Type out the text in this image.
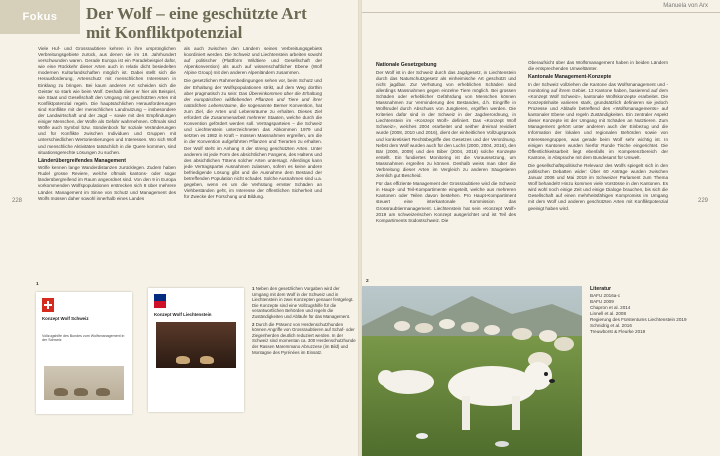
Fokus Der Wolf – eine geschützte Art
mit Konfliktpotenzial
228

Viele Huf- und Grossraubtiere kehren in ihre ursprünglichen Verbreitungsgebiete zurück, aus denen sie im 19. Jahrhundert verschwunden waren. Gerade Europa ist ein Paradebeispiel dafür, wie eine Rückkehr dieser Arten auch in relativ dicht besiedelten modernen Kulturlandschaften möglich ist. Dabei stellt sich die Herausforderung, Artenschutz mit menschlichen Interessen in Einklang zu bringen. Bei kaum anderen Art scheiden sich die Geister so stark wie beim Wolf. Deshalb dient er hier als Beispiel, wie Staat und Gesellschaft den Umgang mit geschützten Arten mit Konfliktpotenzial regeln. Die hauptsächlichen Herausforderungen sind Konflikte mit der menschlichen Landnutzung – insbesondere der Landwirtschaft und der Jagd – sowie mit den Empfindungen einiger Menschen, der Wolfe als Gefahr wahrnehmen. Oftmals sind Wölfe auch Symbol bzw. Sündenbock für soziale Veränderungen und für Konflikte zwischen Individuen und Gruppen mit unterschiedlichen Wertorientierungen und Interessen. Wo sich Wolf und menschliche Aktivitäten tatsächlich in die Quere kommen, sind situationsgerechte Lösungen zu suchen.

Länderübergreifendes Management

Wölfe kennen lange Wanderdistanzen zurücklegen. Zudem haben Rudel grosse Reviere, welche oftmals kantons- oder sogar länderübergreifend im Raum angeordnet sind. Von den 9 in Europa vorkommenden Wolfspopulationen erstrecken sich 8 über mehrere Länder. Management im Sinne von Schutz und Management des Wolfs müssen daher sowohl innerhalb eines Landes

als auch zwischen den Ländern seines Verbreitungsgebiets koordiniert werden. Die Schweiz und Liechtenstein arbeiten sowohl auf politischer (Plattform Wildtiere und Gesellschaft der Alpenkonvention) als auch auf wissenschaftlicher Ebene (Wolf Alpine Group) mit den anderen Alpenländern zusammen.

Die gesetzlichen Rahmenbedingungen sehen vor, beim Schutz und der Erhaltung der Wolfspopulationen strikt, auf dem Weg dorthin aber pragmatisch zu sein: Das Übereinkommen über die Erhaltung der europäischen wildlebenden Pflanzen und Tiere und ihrer natürlichen Lebensräume, die sogenannte Berner Konvention, hat zum Ziel, die Arten und Lebensräume zu erhalten. Dieses Ziel erfordert die Zusammenarbeit mehrerer Staaten, welche durch die Konvention gefördert werden soll. Vertragsparteien – die Schweiz und Liechtenstein unterzeichneten das Abkommen 1979 und setzten es 1982 in Kraft – müssen Massnahmen ergreifen, um die in der Konvention aufgeführten Pflanzen und Tierarten zu erhalten. Der Wolf steht im Anhang II der streng geschützten Arten. Unter anderem ist jede Form des absichtlichen Fangens, des Haltens und des absichtlichen Tötens solcher Arten untersagt. Allerdings kann jede Vertragspartei Ausnahmen zulassen, sofern es keine andere befriedigende Lösung gibt und die Ausnahme dem Bestand der betreffenden Population nicht schadet. Solche Ausnahmen sind u.a. gegeben, wenn es um die Verhütung ernster Schäden an Viehbeständen geht, im Interesse der öffentlichen Sicherheit und für Zwecke der Forschung und Bildung.

1
Konzept Wolf Schweiz
Vollzugshilfe des Bundes zum Wolfsmanagement in der Schweiz
Konzept Wolf Liechtenstein
1 Neben den gesetzlichen Vorgaben wird der Umgang mit dem Wolf in der Schweiz und in Liechtenstein in zwei Konzepten genauer festgelegt. Die Konzepte sind eine Vollzugshilfe für die verantwortlichen Behörden und regeln die Zuständigkeiten und Abläufe für das Management.
2 Durch die Präsenz von Herdenschutzhunden können Angriffe von Grossraubtieren auf Schaf- oder Ziegenherden deutlich reduziert werden. In der Schweiz sind momentan ca. 300 Herdenschutzhunde der Rassen Maremmano Abruzzese (im Bild) und Montagne des Pyrénées im Einsatz.
Manuela von Arx
229
Nationale Gesetzgebung

Der Wolf ist in der Schweiz durch das Jagdgesetz, in Liechtenstein durch das Naturschutzgesetz als einheimische Art geschützt und nicht jagdbar. Zur Verhütung von erheblichen Schäden sind allerdings Massnahmen gegen einzelne Tiere möglich. Bei grossen Schäden oder erheblicher Gefährdung von Menschen können Massnahmen zur Verminderung des Bestandes, d.h. Eingriffe in Wolfsrudel durch Abschuss von Jungtieren, ergriffen werden. Die Kriterien dafür sind in der Schweiz in der Jagdverordnung, in Liechtenstein im «Konzept Wolf» definiert. Das «Konzept Wolf Schweiz», welches 2004 erarbeitet und seither dreimal revidiert wurde (2008, 2010 und 2016), dient der einheitlichen Vollzugspraxis und konkretisiert Rechtsbegriffe des Gesetzes und der Verordnung. Nebst dem Wolf wurden auch für den Luchs (2000, 2004, 2016), den Bär (2006, 2009) und den Biber (2004, 2016) solche Konzepte erstellt. Ein fundiertes Monitoring ist die Voraussetzung, um Massnahmen ergreifen zu können. Deshalb weiss man über die Verbreitung dieser Arten im Vergleich zu anderen Säugetieren ziemlich gut Bescheid.

Für das effiziente Management der Grossraubtiere wird die Schweiz in Haupt- und Teil-Kompartimente eingeteilt, welche aus mehreren Kantonen oder Teilen davon bestehen. Pro Haupt-Kompartiment steuert eine interkantonale Kommission das Grossraubtiermanagement. Liechtenstein hat sein «Konzept Wolf» 2019 am schweizerischen Konzept ausgerichtet und ist Teil des Kompartiments Südostschweiz. Die

Oberaufsicht über das Wolfsmanagement haben in beiden Ländern die entsprechenden Umweltämter.

Kantonale Management-Konzepte

In der Schweiz vollziehen die Kantone das Wolfsmanagement und -monitoring auf ihrem Gebiet. 13 Kantone haben, basierend auf dem «Konzept Wolf Schweiz», kantonale Wolfskonzepte erarbeitet. Die Konzeptinhalte variieren stark, grundsätzlich definieren sie jedoch Prozesse und Abläufe betreffend des «Wolfsmanagements» auf kantonaler Ebene und regeln Zuständigkeiten. Ein zentraler Aspekt dieser Konzepte ist der Umgang mit Schäden an Nutztieren. Zum Management gehört unter anderem auch der Einbezug und die Information der lokalen und regionalen Behörden sowie von Interessengruppen, was gerade beim Wolf sehr wichtig ist. In einigen Kantonen wurden hierfür Runde Tische eingerichtet. Die Öffentlichkeitsarbeit liegt ebenfalls im Kompetenzbereich der Kantone, in Absprache mit dem Bundesamt für Umwelt.

Die gesellschaftspolitische Relevanz des Wolfs spiegelt sich in den politischen Debatten wider: Über 60 Anträge wurden zwischen Januar 2006 und Mai 2019 im Schweizer Parlament zum Thema Wolf behandelt! Hinzu kommen viele Vorstösse in den Kantonen. Es wird wohl noch einige Zeit und einige Dialoge brauchen, bis sich die Gesellschaft auf einen mehrheitsfähigen Kompromiss im Umgang mit dem Wolf und anderen geschützten Arten mit Konfliktpotenzial geeinigt haben wird.

2
Literatur
BAFU 2016a-c
BAFU 2009
Chapron et al. 2014
Linnell et al. 2008
Regierung des Fürstentums Liechtenstein 2019
Schnidrig et al. 2016
Treuwborst & Fleurke 2019
